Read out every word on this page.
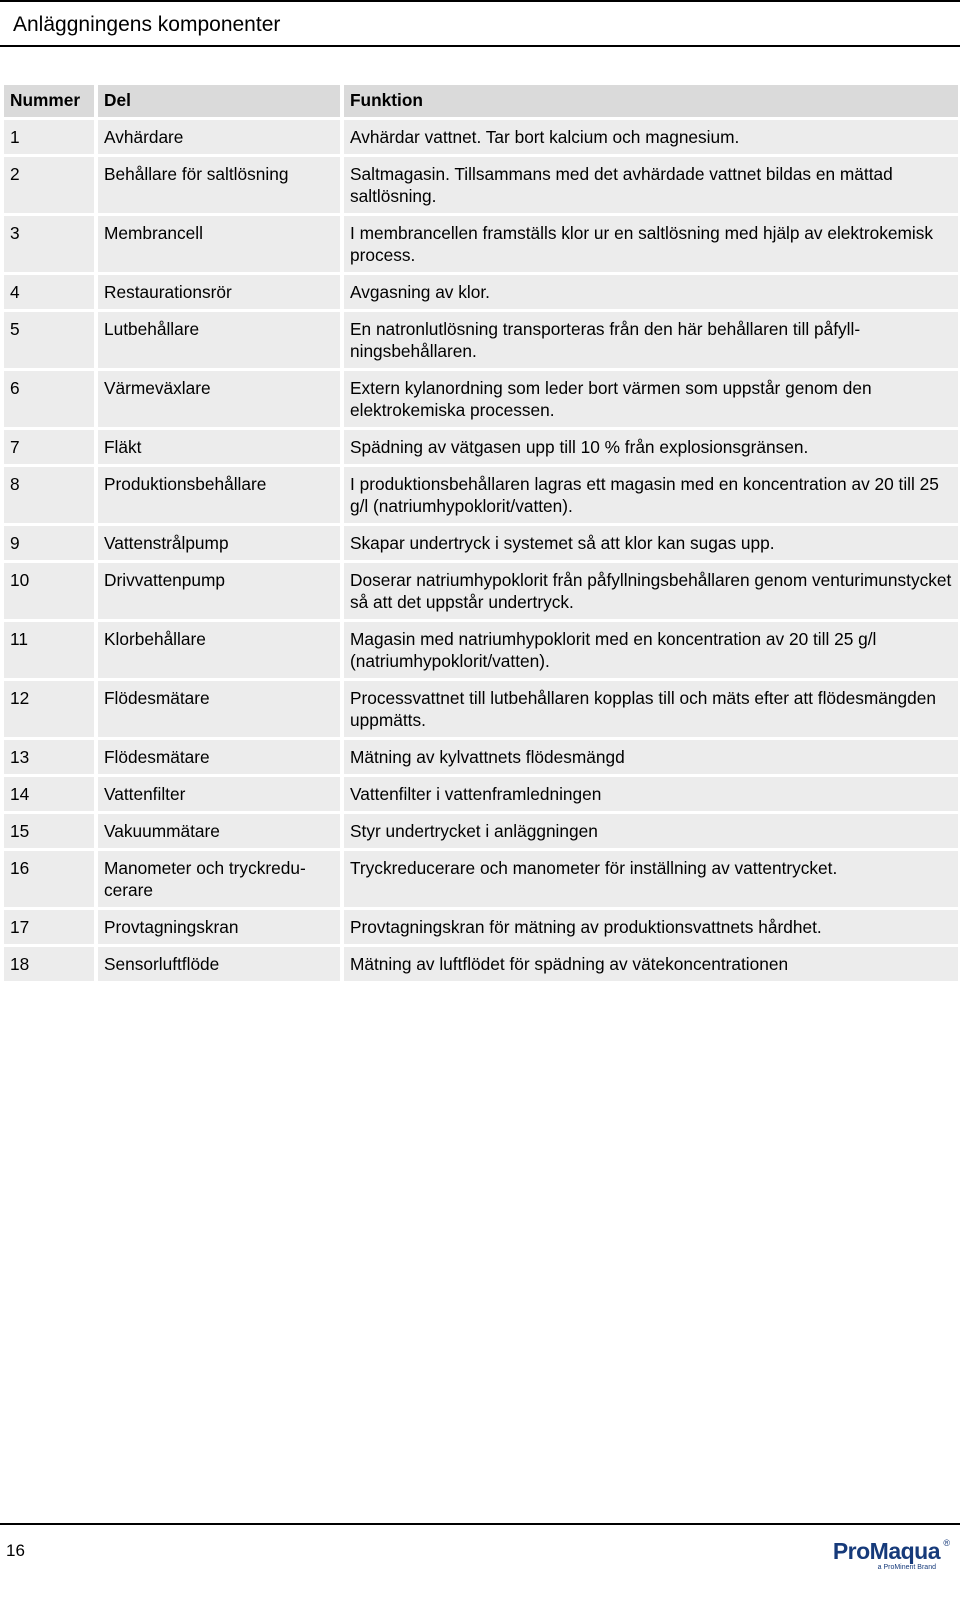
Anläggningens komponenter
Nummer	Del	Funktion
1	Avhärdare	Avhärdar vattnet. Tar bort kalcium och magnesium.
2	Behållare för saltlösning	Saltmagasin. Tillsammans med det avhärdade vattnet bildas en mättad saltlösning.
3	Membrancell	I membrancellen framställs klor ur en saltlösning med hjälp av elektrokemisk process.
4	Restaurationsrör	Avgasning av klor.
5	Lutbehållare	En natronlutlösning transporteras från den här behållaren till påfyllningsbehållaren.
6	Värmeväxlare	Extern kylanordning som leder bort värmen som uppstår genom den elektrokemiska processen.
7	Fläkt	Spädning av vätgasen upp till 10 % från explosionsgränsen.
8	Produktionsbehållare	I produktionsbehållaren lagras ett magasin med en koncentration av 20 till 25 g/l (natriumhypoklorit/vatten).
9	Vattenstrålpump	Skapar undertryck i systemet så att klor kan sugas upp.
10	Drivvattenpump	Doserar natriumhypoklorit från påfyllningsbehållaren genom venturimunstycket så att det uppstår undertryck.
11	Klorbehållare	Magasin med natriumhypoklorit med en koncentration av 20 till 25 g/l (natriumhypoklorit/vatten).
12	Flödesmätare	Processvattnet till lutbehållaren kopplas till och mäts efter att flödesmängden uppmätts.
13	Flödesmätare	Mätning av kylvattnets flödesmängd
14	Vattenfilter	Vattenfilter i vattenframledningen
15	Vakuummätare	Styr undertrycket i anläggningen
16	Manometer och tryckreducerare	Tryckreducerare och manometer för inställning av vattentrycket.
17	Provtagningskran	Provtagningskran för mätning av produktionsvattnets hårdhet.
18	Sensorluftflöde	Mätning av luftflödet för spädning av vätekoncentrationen
16	ProMaqua ®
a ProMinent Brand
